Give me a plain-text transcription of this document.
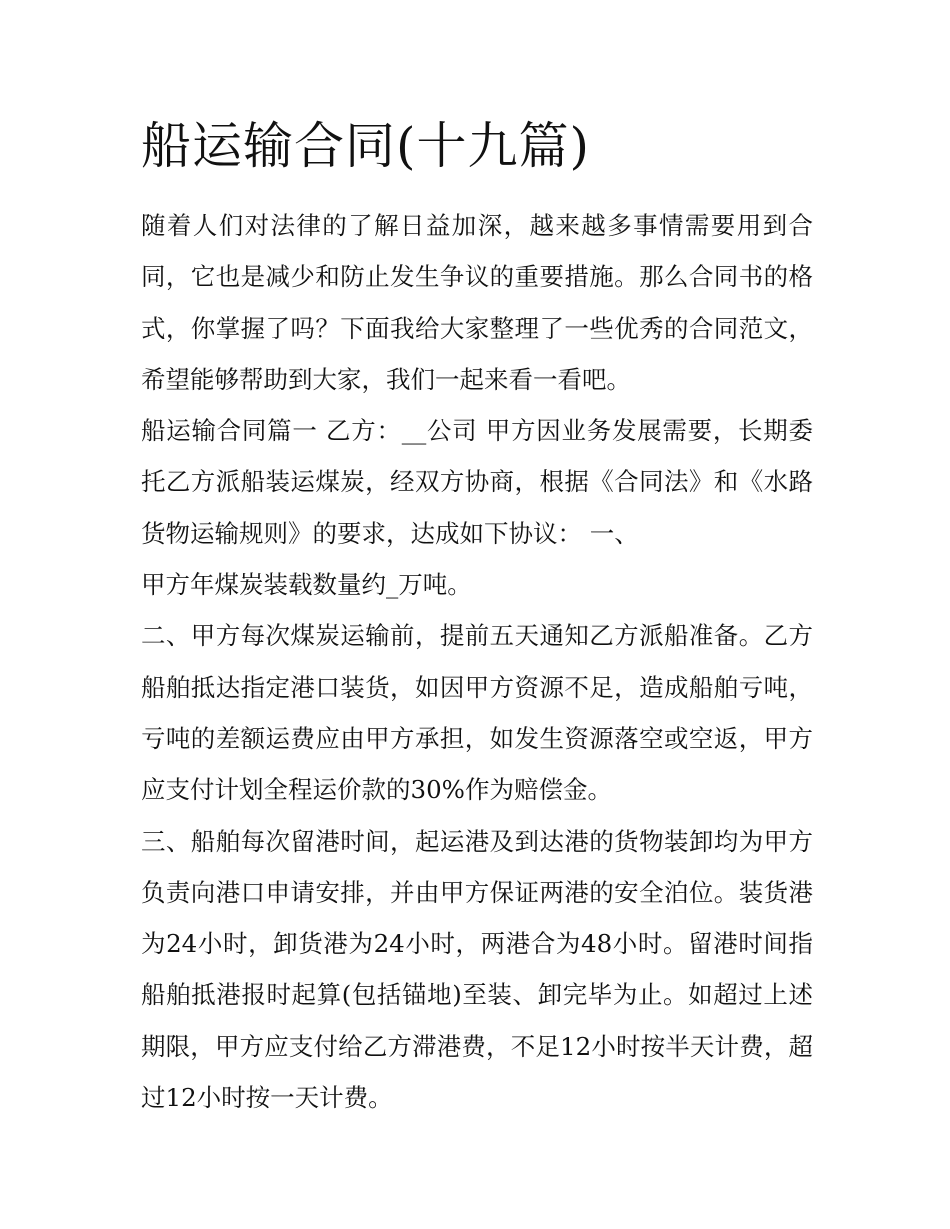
船运输合同(十九篇)

随着人们对法律的了解日益加深，越来越多事情需要用到合同，它也是减少和防止发生争议的重要措施。那么合同书的格式，你掌握了吗？下面我给大家整理了一些优秀的合同范文，希望能够帮助到大家，我们一起来看一看吧。

船运输合同篇一 乙方：__公司 甲方因业务发展需要，长期委托乙方派船装运煤炭，经双方协商，根据《合同法》和《水路货物运输规则》的要求，达成如下协议： 一、

甲方年煤炭装载数量约_万吨。

二、甲方每次煤炭运输前，提前五天通知乙方派船准备。乙方船舶抵达指定港口装货，如因甲方资源不足，造成船舶亏吨，亏吨的差额运费应由甲方承担，如发生资源落空或空返，甲方应支付计划全程运价款的30%作为赔偿金。

三、船舶每次留港时间，起运港及到达港的货物装卸均为甲方负责向港口申请安排，并由甲方保证两港的安全泊位。装货港为24小时，卸货港为24小时，两港合为48小时。留港时间指船舶抵港报时起算(包括锚地)至装、卸完毕为止。如超过上述期限，甲方应支付给乙方滞港费，不足12小时按半天计费，超过12小时按一天计费。
